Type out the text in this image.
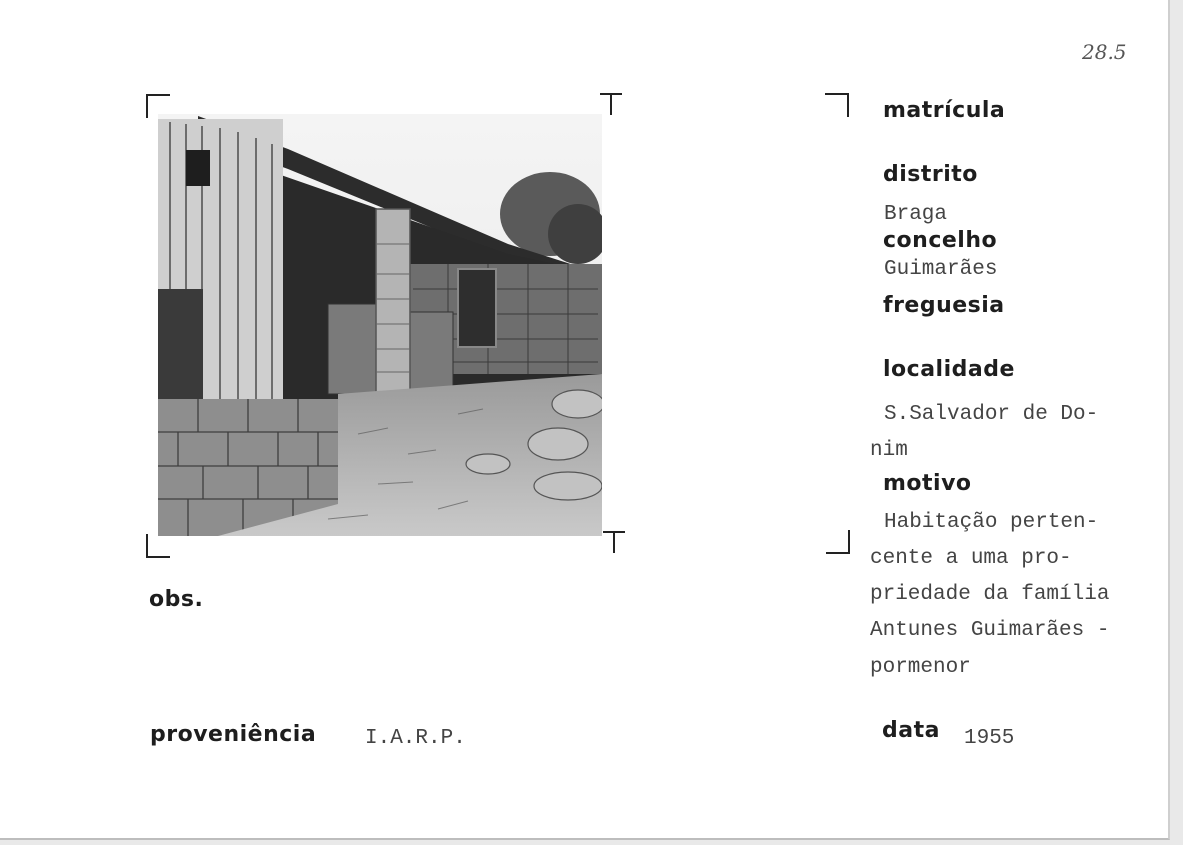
28.5
matrícula
distrito
Braga
concelho
Guimarães
freguesia
localidade
S.Salvador de Do-
nim
motivo
Habitação perten-
cente a uma pro-
priedade da família
Antunes Guimarães -
pormenor
data 1955
obs.
proveniência I.A.R.P.
